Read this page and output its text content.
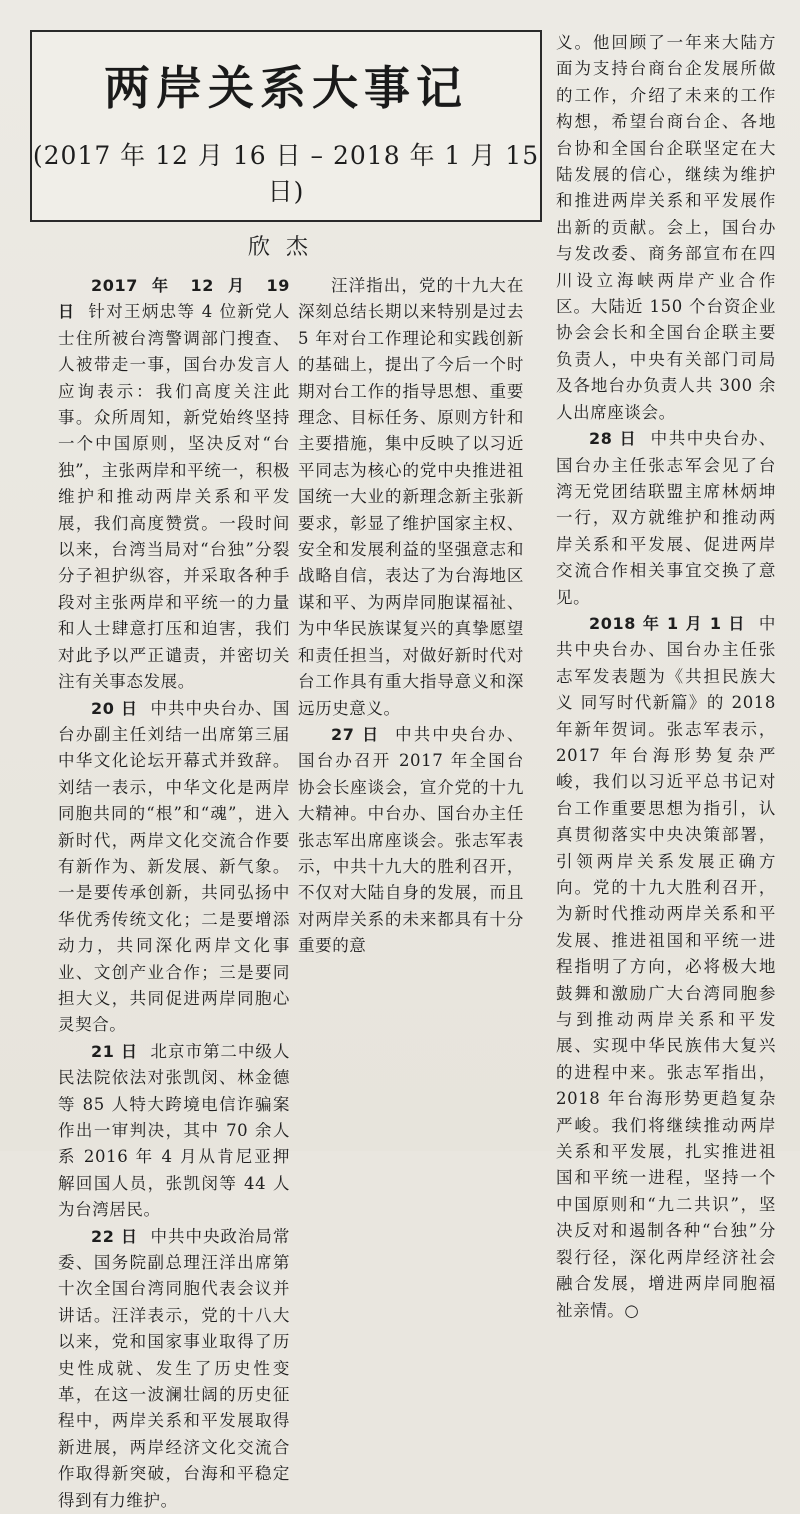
两岸关系大事记
(2017 年 12 月 16 日 – 2018 年 1 月 15 日)
欣杰

2017 年 12 月 19 日 针对王炳忠等 4 位新党人士住所被台湾警调部门搜查、人被带走一事，国台办发言人应询表示：我们高度关注此事。众所周知，新党始终坚持一个中国原则，坚决反对“台独”，主张两岸和平统一，积极维护和推动两岸关系和平发展，我们高度赞赏。一段时间以来，台湾当局对“台独”分裂分子袒护纵容，并采取各种手段对主张两岸和平统一的力量和人士肆意打压和迫害，我们对此予以严正谴责，并密切关注有关事态发展。

20 日 中共中央台办、国台办副主任刘结一出席第三届中华文化论坛开幕式并致辞。刘结一表示，中华文化是两岸同胞共同的“根”和“魂”，进入新时代，两岸文化交流合作要有新作为、新发展、新气象。一是要传承创新，共同弘扬中华优秀传统文化；二是要增添动力，共同深化两岸文化事业、文创产业合作；三是要同担大义，共同促进两岸同胞心灵契合。

21 日 北京市第二中级人民法院依法对张凯闵、林金德等 85 人特大跨境电信诈骗案作出一审判决，其中 70 余人系 2016 年 4 月从肯尼亚押解回国人员，张凯闵等 44 人为台湾居民。

22 日 中共中央政治局常委、国务院副总理汪洋出席第十次全国台湾同胞代表会议并讲话。汪洋表示，党的十八大以来，党和国家事业取得了历史性成就、发生了历史性变革，在这一波澜壮阔的历史征程中，两岸关系和平发展取得新进展，两岸经济文化交流合作取得新突破，台海和平稳定得到有力维护。

汪洋指出，党的十九大在深刻总结长期以来特别是过去 5 年对台工作理论和实践创新的基础上，提出了今后一个时期对台工作的指导思想、重要理念、目标任务、原则方针和主要措施，集中反映了以习近平同志为核心的党中央推进祖国统一大业的新理念新主张新要求，彰显了维护国家主权、安全和发展利益的坚强意志和战略自信，表达了为台海地区谋和平、为两岸同胞谋福祉、为中华民族谋复兴的真挚愿望和责任担当，对做好新时代对台工作具有重大指导意义和深远历史意义。

27 日 中共中央台办、国台办召开 2017 年全国台协会长座谈会，宣介党的十九大精神。中台办、国台办主任张志军出席座谈会。张志军表示，中共十九大的胜利召开，不仅对大陆自身的发展，而且对两岸关系的未来都具有十分重要的意

义。他回顾了一年来大陆方面为支持台商台企发展所做的工作，介绍了未来的工作构想，希望台商台企、各地台协和全国台企联坚定在大陆发展的信心，继续为维护和推进两岸关系和平发展作出新的贡献。会上，国台办与发改委、商务部宣布在四川设立海峡两岸产业合作区。大陆近 150 个台资企业协会会长和全国台企联主要负责人，中央有关部门司局及各地台办负责人共 300 余人出席座谈会。

28 日 中共中央台办、国台办主任张志军会见了台湾无党团结联盟主席林炳坤一行，双方就维护和推动两岸关系和平发展、促进两岸交流合作相关事宜交换了意见。

2018 年 1 月 1 日 中共中央台办、国台办主任张志军发表题为《共担民族大义 同写时代新篇》的 2018 年新年贺词。张志军表示，2017 年台海形势复杂严峻，我们以习近平总书记对台工作重要思想为指引，认真贯彻落实中央决策部署，引领两岸关系发展正确方向。党的十九大胜利召开，为新时代推动两岸关系和平发展、推进祖国和平统一进程指明了方向，必将极大地鼓舞和激励广大台湾同胞参与到推动两岸关系和平发展、实现中华民族伟大复兴的进程中来。张志军指出，2018 年台海形势更趋复杂严峻。我们将继续推动两岸关系和平发展，扎实推进祖国和平统一进程，坚持一个中国原则和“九二共识”，坚决反对和遏制各种“台独”分裂行径，深化两岸经济社会融合发展，增进两岸同胞福祉亲情。○
